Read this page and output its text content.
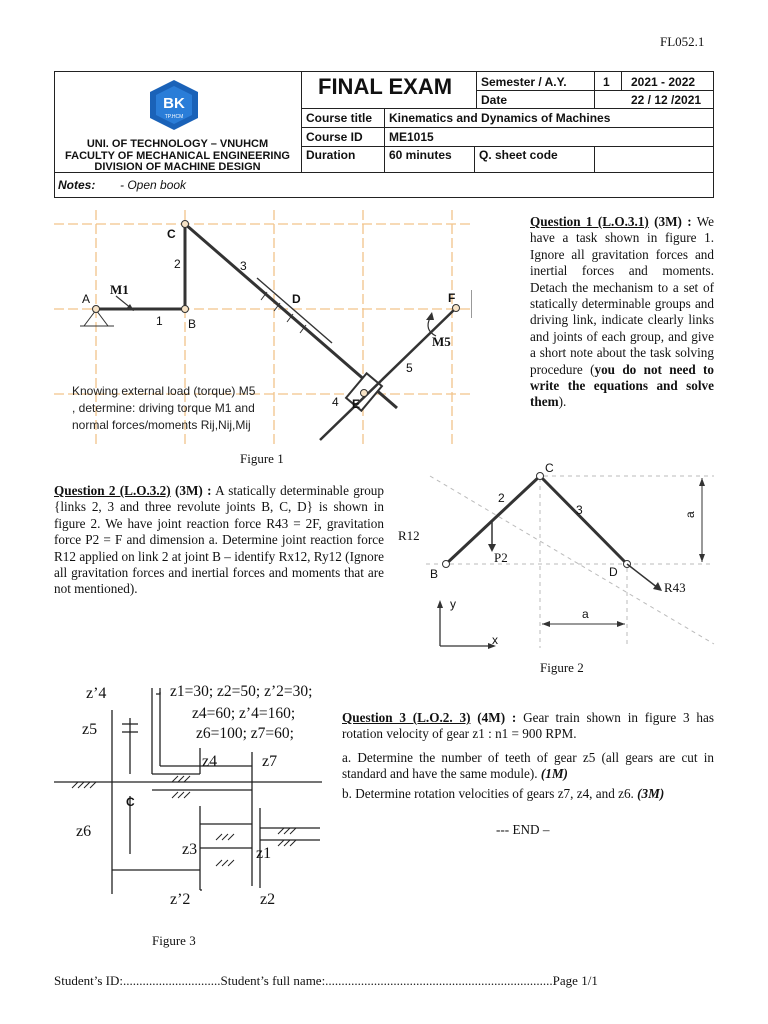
FL052.1
FINAL EXAM
BK
TP.HCM
UNI. OF TECHNOLOGY – VNUHCM
FACULTY OF MECHANICAL ENGINEERING
DIVISION OF MACHINE DESIGN
Semester / A.Y.	1 2021 - 2022
Date	22 / 12 /2021
Course title Kinematics and Dynamics of Machines
Course ID ME1015
Duration	60 minutes Q. sheet code
Notes: - Open book
Question 1 (L.O.3.1) (3M) : We have a task shown in figure 1. Ignore all gravitation forces and inertial forces and moments. Detach the mechanism to a set of statically determinable groups and driving link, indicate clearly links and joints of each group, and give a short note about the task solving procedure (you do not need to write the equations and solve them).
A
B
C
D
E
F
1
2	3
4
5
M1
M5
Knowing external load (torque) M5
, determine: driving torque M1 and
normal forces/moments Rij,Nij,Mij
Figure 1
Question 2 (L.O.3.2) (3M) : A statically determinable group {links 2, 3 and three revolute joints B, C, D} is shown in figure 2. We have joint reaction force R43 = 2F, gravitation force P2 = F and dimension a. Determine joint reaction force R12 applied on link 2 at joint B – identify Rx12, Ry12 (Ignore all gravitation forces and inertial forces and moments that are not mentioned).
B
C
D
2
3
a
a
x
y
R12
R43
P2
Figure 2
z’4
z5
z4	z7
z6
z3	z1
z’2	z2
C
z1=30; z2=50; z’2=30;
z4=60; z’4=160;
z6=100; z7=60;
Figure 3
Question 3 (L.O.2. 3) (4M) : Gear train shown in figure 3 has rotation velocity of gear z1 : n1 = 900 RPM.
a. Determine the number of teeth of gear z5 (all gears are cut in standard and have the same module). (1M)
b. Determine rotation velocities of gears z7, z4, and z6. (3M)
--- END –
Student’s ID:..............................Student’s full name:......................................................................Page 1/1
